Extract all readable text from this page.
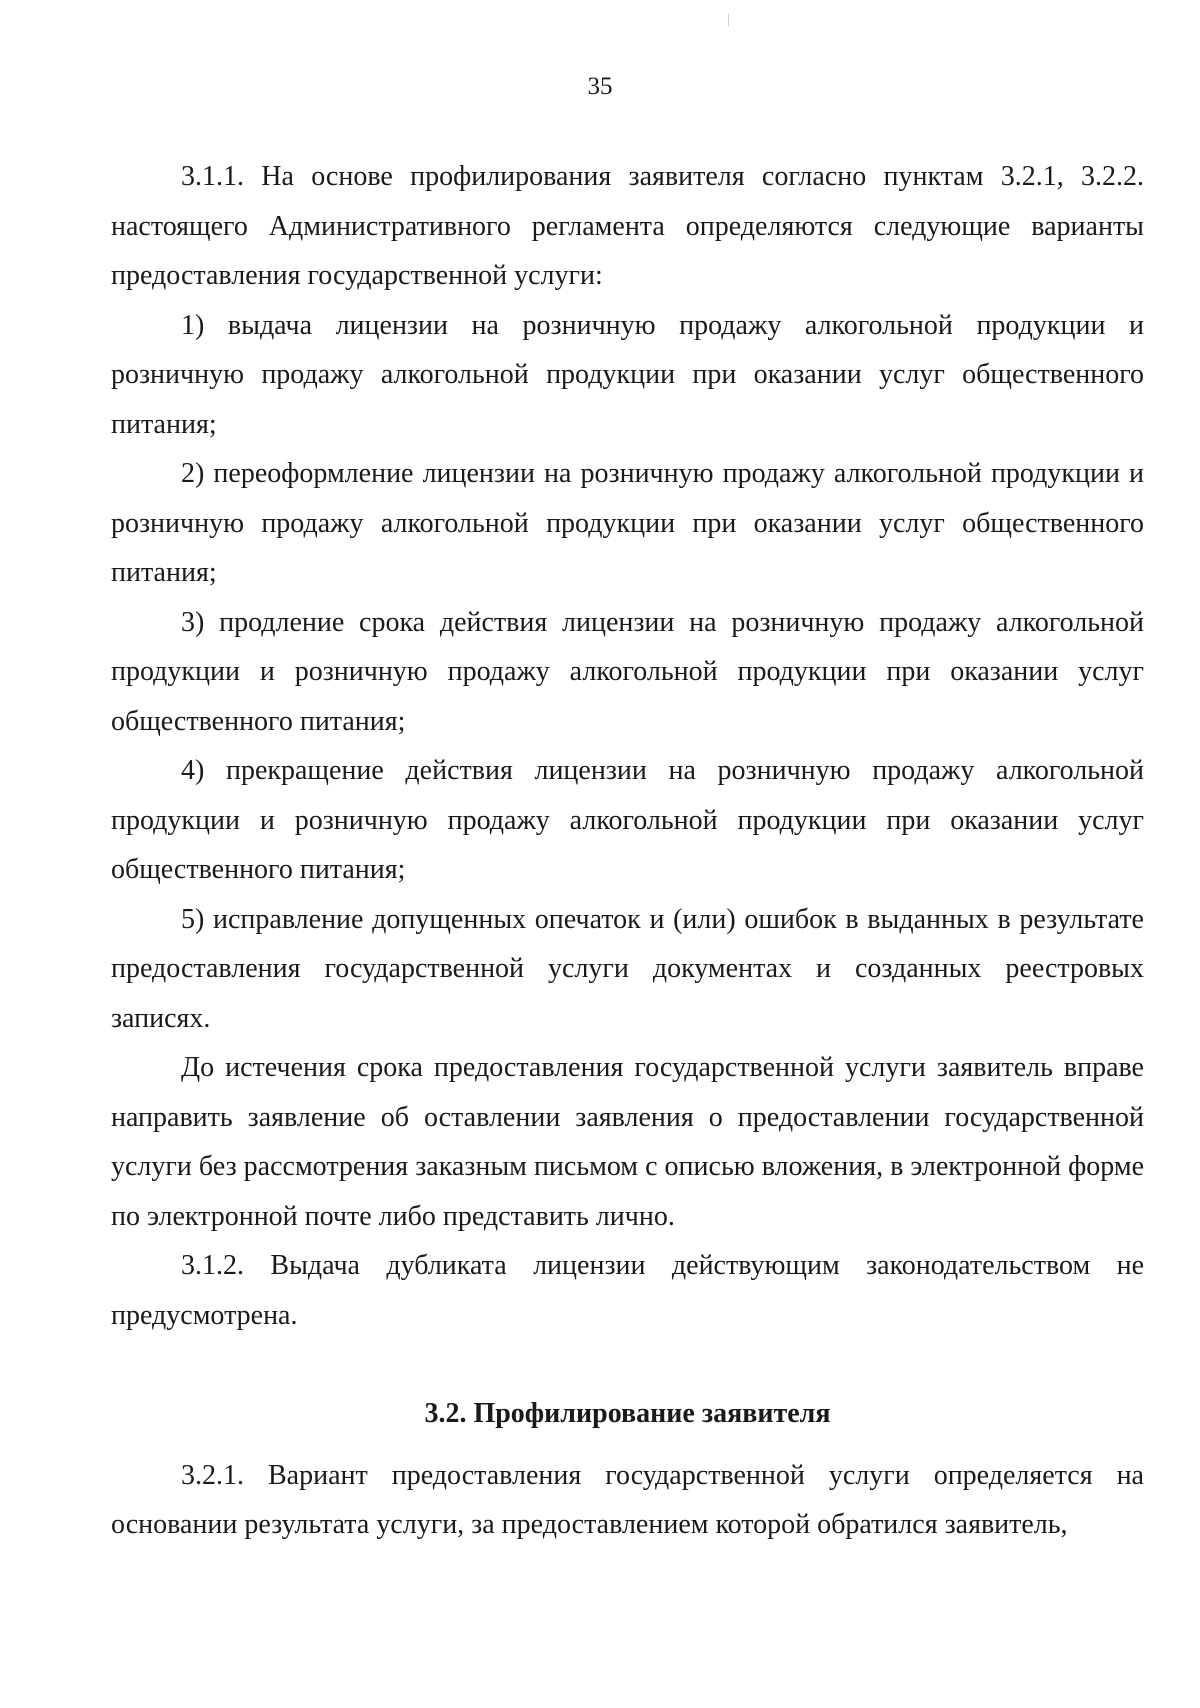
35

3.1.1. На основе профилирования заявителя согласно пунктам 3.2.1, 3.2.2. настоящего Административного регламента определяются следующие варианты предоставления государственной услуги:

1) выдача лицензии на розничную продажу алкогольной продукции и розничную продажу алкогольной продукции при оказании услуг общественного питания;

2) переоформление лицензии на розничную продажу алкогольной продукции и розничную продажу алкогольной продукции при оказании услуг общественного питания;

3) продление срока действия лицензии на розничную продажу алкогольной продукции и розничную продажу алкогольной продукции при оказании услуг общественного питания;

4) прекращение действия лицензии на розничную продажу алкогольной продукции и розничную продажу алкогольной продукции при оказании услуг общественного питания;

5) исправление допущенных опечаток и (или) ошибок в выданных в результате предоставления государственной услуги документах и созданных реестровых записях.

До истечения срока предоставления государственной услуги заявитель вправе направить заявление об оставлении заявления о предоставлении государственной услуги без рассмотрения заказным письмом с описью вложения, в электронной форме по электронной почте либо представить лично.

3.1.2. Выдача дубликата лицензии действующим законодательством не предусмотрена.

3.2. Профилирование заявителя

3.2.1. Вариант предоставления государственной услуги определяется на основании результата услуги, за предоставлением которой обратился заявитель,
